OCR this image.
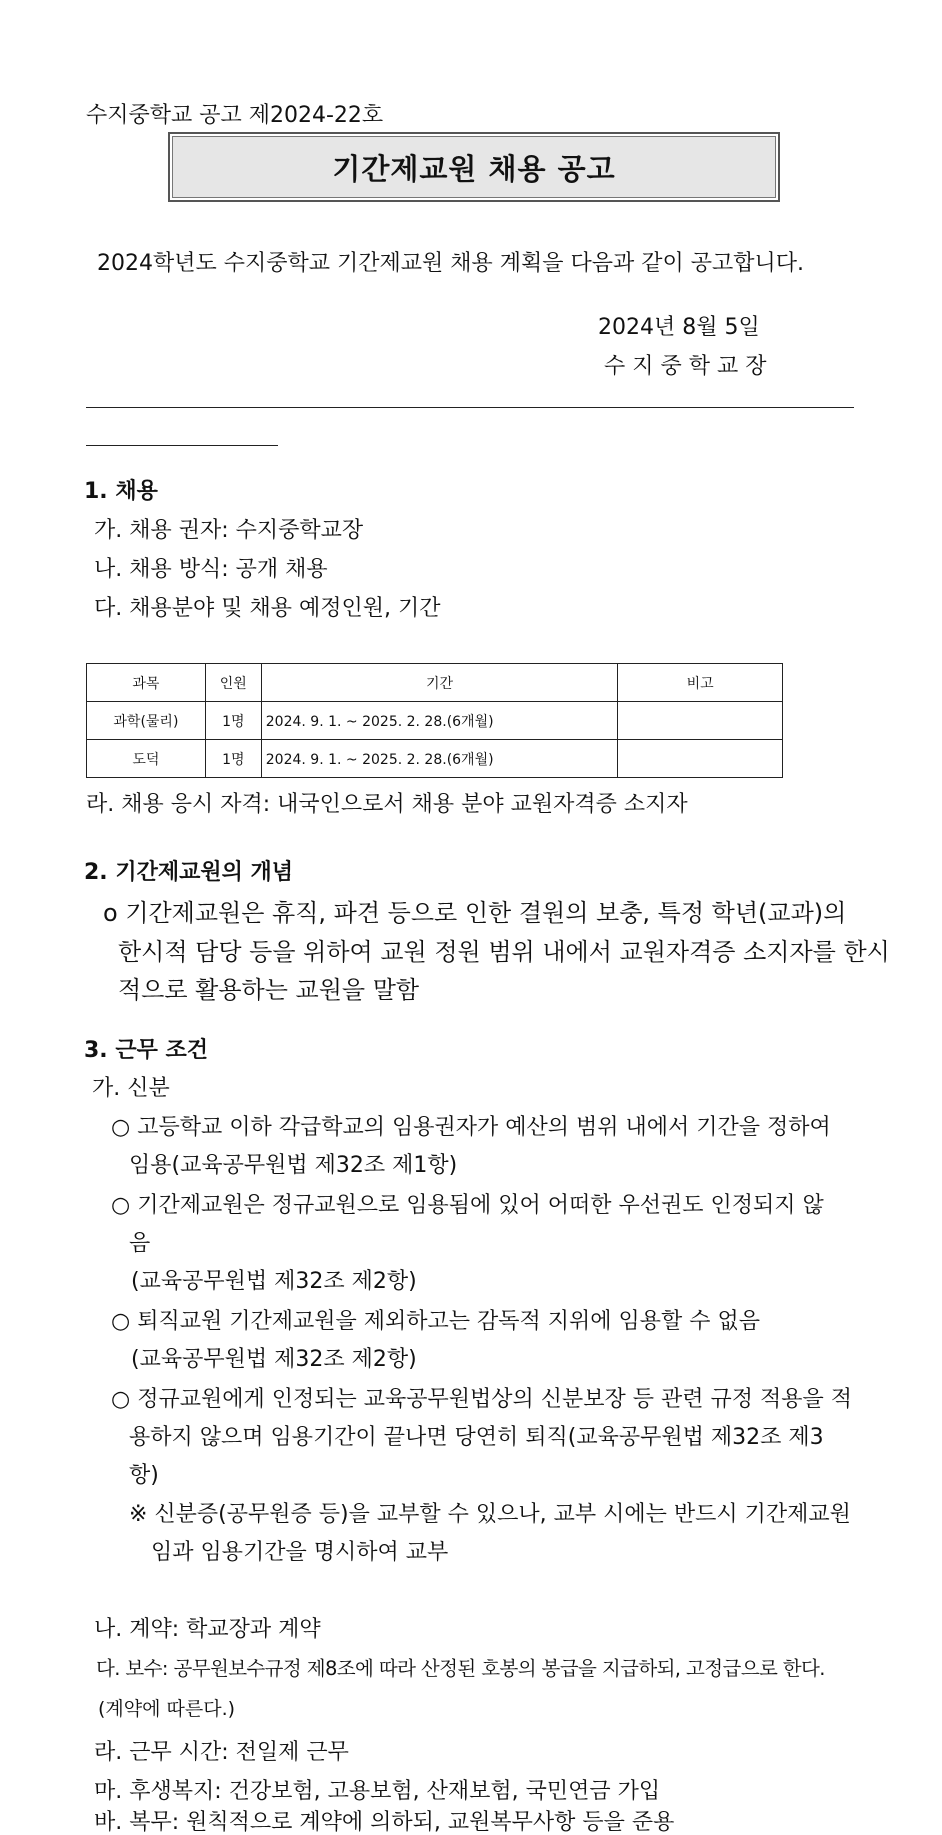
수지중학교 공고 제2024-22호
기간제교원 채용 공고
2024학년도 수지중학교 기간제교원 채용 계획을 다음과 같이 공고합니다.
2024년 8월 5일
수 지 중 학 교 장
1. 채용
가. 채용 권자: 수지중학교장
나. 채용 방식: 공개 채용
다. 채용분야 및 채용 예정인원, 기간
과목	인원	기간	비고
과학(물리)	1명	2024. 9. 1. ~ 2025. 2. 28.(6개월)	
도덕	1명	2024. 9. 1. ~ 2025. 2. 28.(6개월)	
라. 채용 응시 자격: 내국인으로서 채용 분야 교원자격증 소지자
2. 기간제교원의 개념
o 기간제교원은 휴직, 파견 등으로 인한 결원의 보충, 특정 학년(교과)의
한시적 담당 등을 위하여 교원 정원 범위 내에서 교원자격증 소지자를 한시
적으로 활용하는 교원을 말함
3. 근무 조건
가. 신분
○ 고등학교 이하 각급학교의 임용권자가 예산의 범위 내에서 기간을 정하여
임용(교육공무원법 제32조 제1항)
○ 기간제교원은 정규교원으로 임용됨에 있어 어떠한 우선권도 인정되지 않
음
(교육공무원법 제32조 제2항)
○ 퇴직교원 기간제교원을 제외하고는 감독적 지위에 임용할 수 없음
(교육공무원법 제32조 제2항)
○ 정규교원에게 인정되는 교육공무원법상의 신분보장 등 관련 규정 적용을 적
용하지 않으며 임용기간이 끝나면 당연히 퇴직(교육공무원법 제32조 제3
항)
※ 신분증(공무원증 등)을 교부할 수 있으나, 교부 시에는 반드시 기간제교원
임과 임용기간을 명시하여 교부
나. 계약: 학교장과 계약
다. 보수: 공무원보수규정 제8조에 따라 산정된 호봉의 봉급을 지급하되, 고정급으로 한다.
(계약에 따른다.)
라. 근무 시간: 전일제 근무
마. 후생복지: 건강보험, 고용보험, 산재보험, 국민연금 가입
바. 복무: 원칙적으로 계약에 의하되, 교원복무사항 등을 준용
